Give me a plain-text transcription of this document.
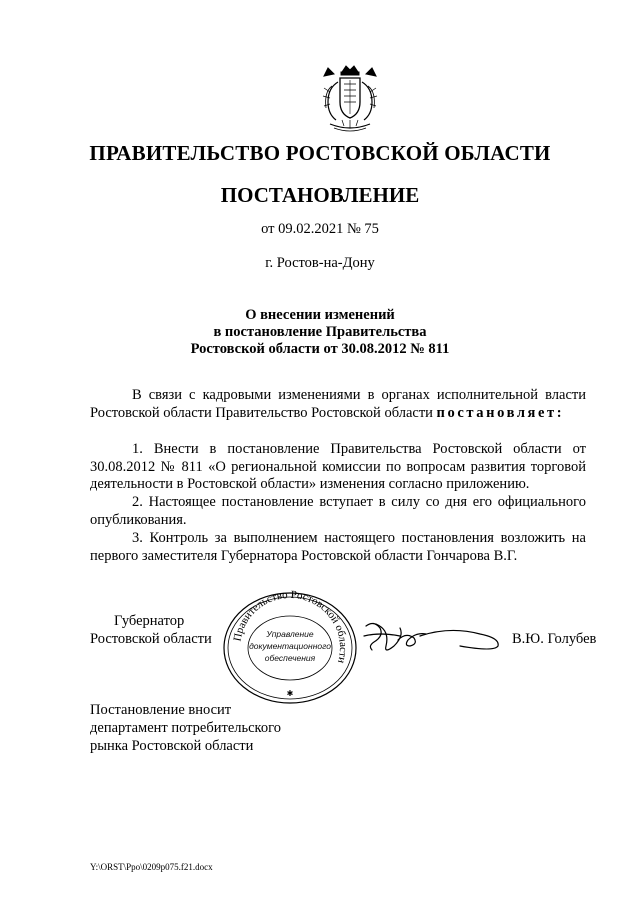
ПРАВИТЕЛЬСТВО РОСТОВСКОЙ ОБЛАСТИ
ПОСТАНОВЛЕНИЕ
от 09.02.2021 № 75
г. Ростов-на-Дону
О внесении изменений
в постановление Правительства
Ростовской области от 30.08.2012 № 811

В связи с кадровыми изменениями в органах исполнительной власти Ростовской области Правительство Ростовской области постановляет:

1. Внести в постановление Правительства Ростовской области от 30.08.2012 № 811 «О региональной комиссии по вопросам развития торговой деятельности в Ростовской области» изменения согласно приложению.

2. Настоящее постановление вступает в силу со дня его официального опубликования.

3. Контроль за выполнением настоящего постановления возложить на первого заместителя Губернатора Ростовской области Гончарова В.Г.

Губернатор
Ростовской области	Правительство Ростовской области
✱
Управление
документационного
обеспечения
В.Ю. Голубев
Постановление вносит
департамент потребительского
рынка Ростовской области
Y:\ORST\Ppo\0209p075.f21.docx
